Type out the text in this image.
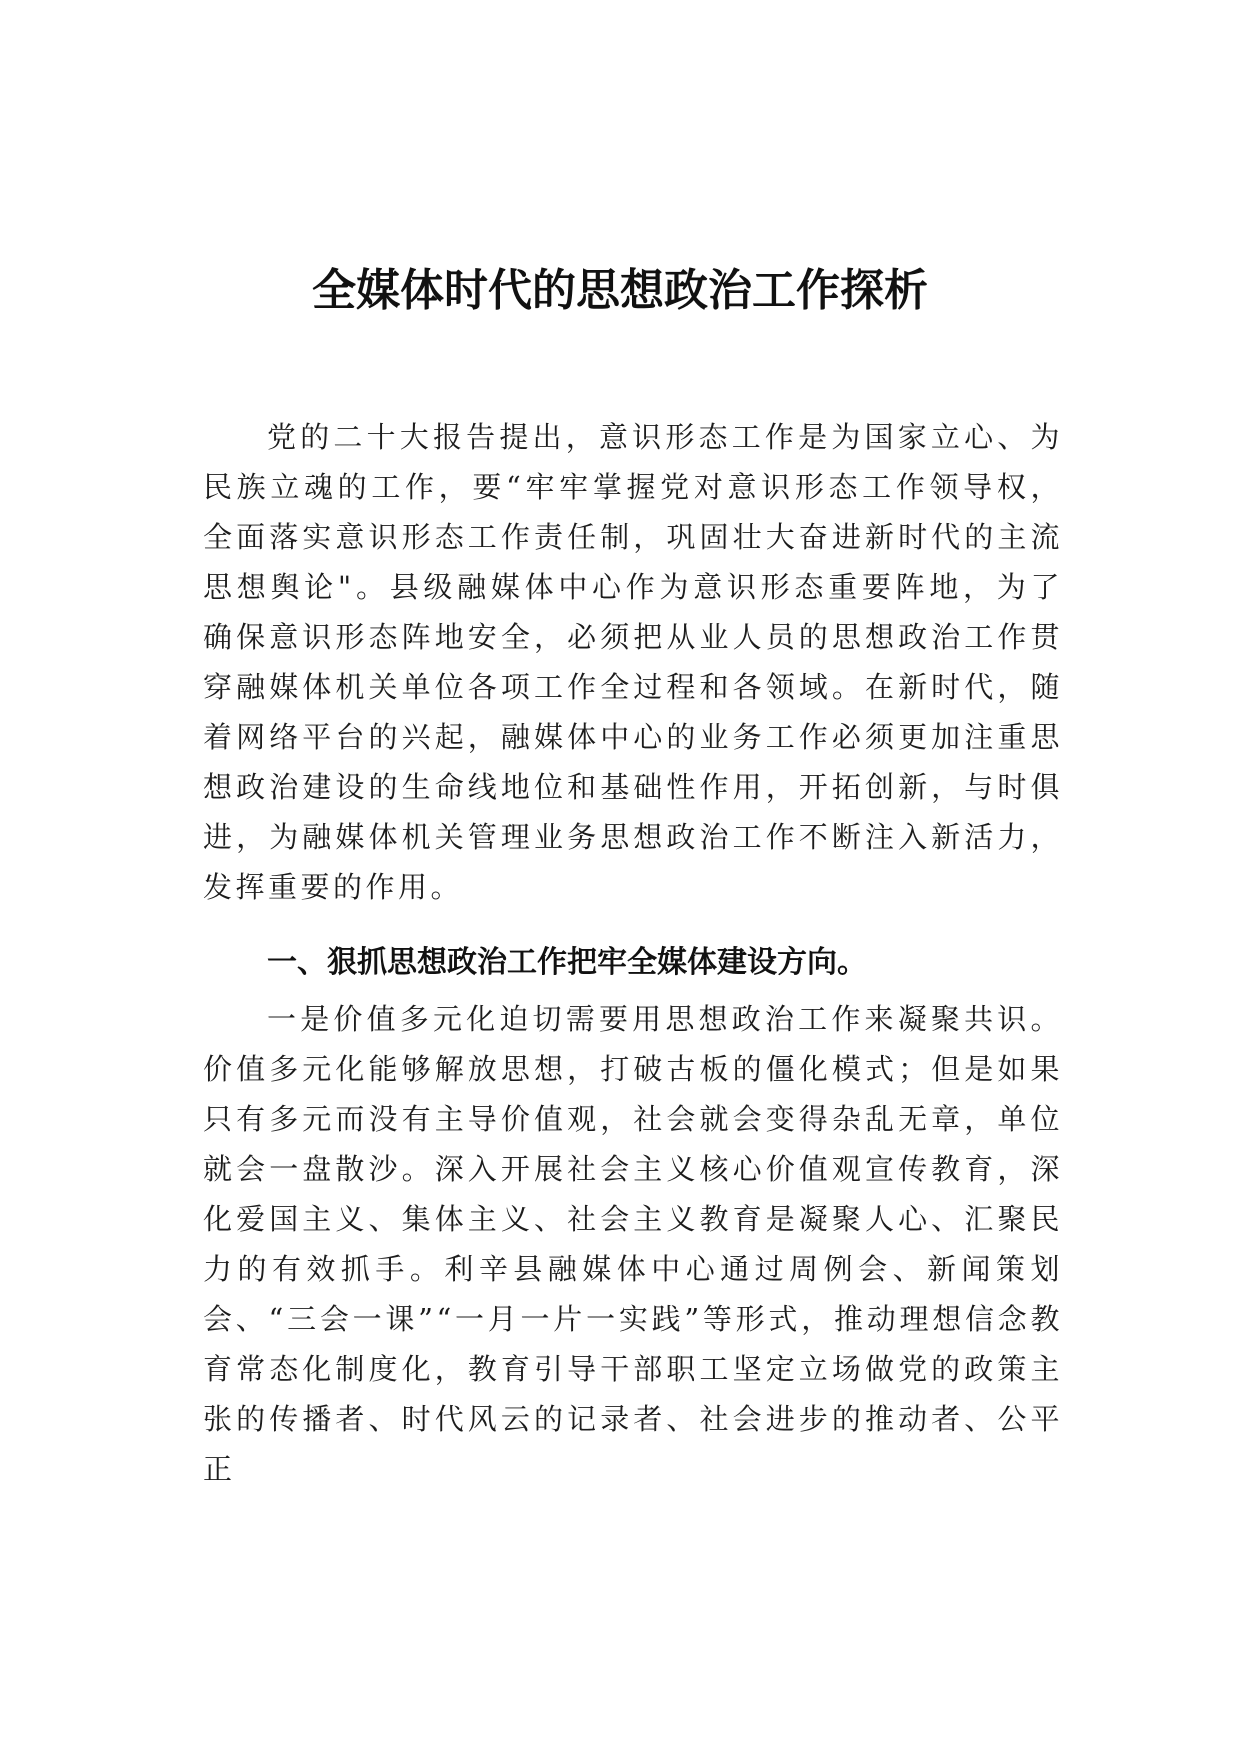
全媒体时代的思想政治工作探析

党的二十大报告提出，意识形态工作是为国家立心、为民族立魂的工作，要“牢牢掌握党对意识形态工作领导权，全面落实意识形态工作责任制，巩固壮大奋进新时代的主流思想舆论"。县级融媒体中心作为意识形态重要阵地，为了确保意识形态阵地安全，必须把从业人员的思想政治工作贯穿融媒体机关单位各项工作全过程和各领域。在新时代，随着网络平台的兴起，融媒体中心的业务工作必须更加注重思想政治建设的生命线地位和基础性作用，开拓创新，与时俱进，为融媒体机关管理业务思想政治工作不断注入新活力，发挥重要的作用。

一、狠抓思想政治工作把牢全媒体建设方向。

一是价值多元化迫切需要用思想政治工作来凝聚共识。价值多元化能够解放思想，打破古板的僵化模式；但是如果只有多元而没有主导价值观，社会就会变得杂乱无章，单位就会一盘散沙。深入开展社会主义核心价值观宣传教育，深化爱国主义、集体主义、社会主义教育是凝聚人心、汇聚民力的有效抓手。利辛县融媒体中心通过周例会、新闻策划会、“三会一课”“一月一片一实践”等形式，推动理想信念教育常态化制度化，教育引导干部职工坚定立场做党的政策主张的传播者、时代风云的记录者、社会进步的推动者、公平正
